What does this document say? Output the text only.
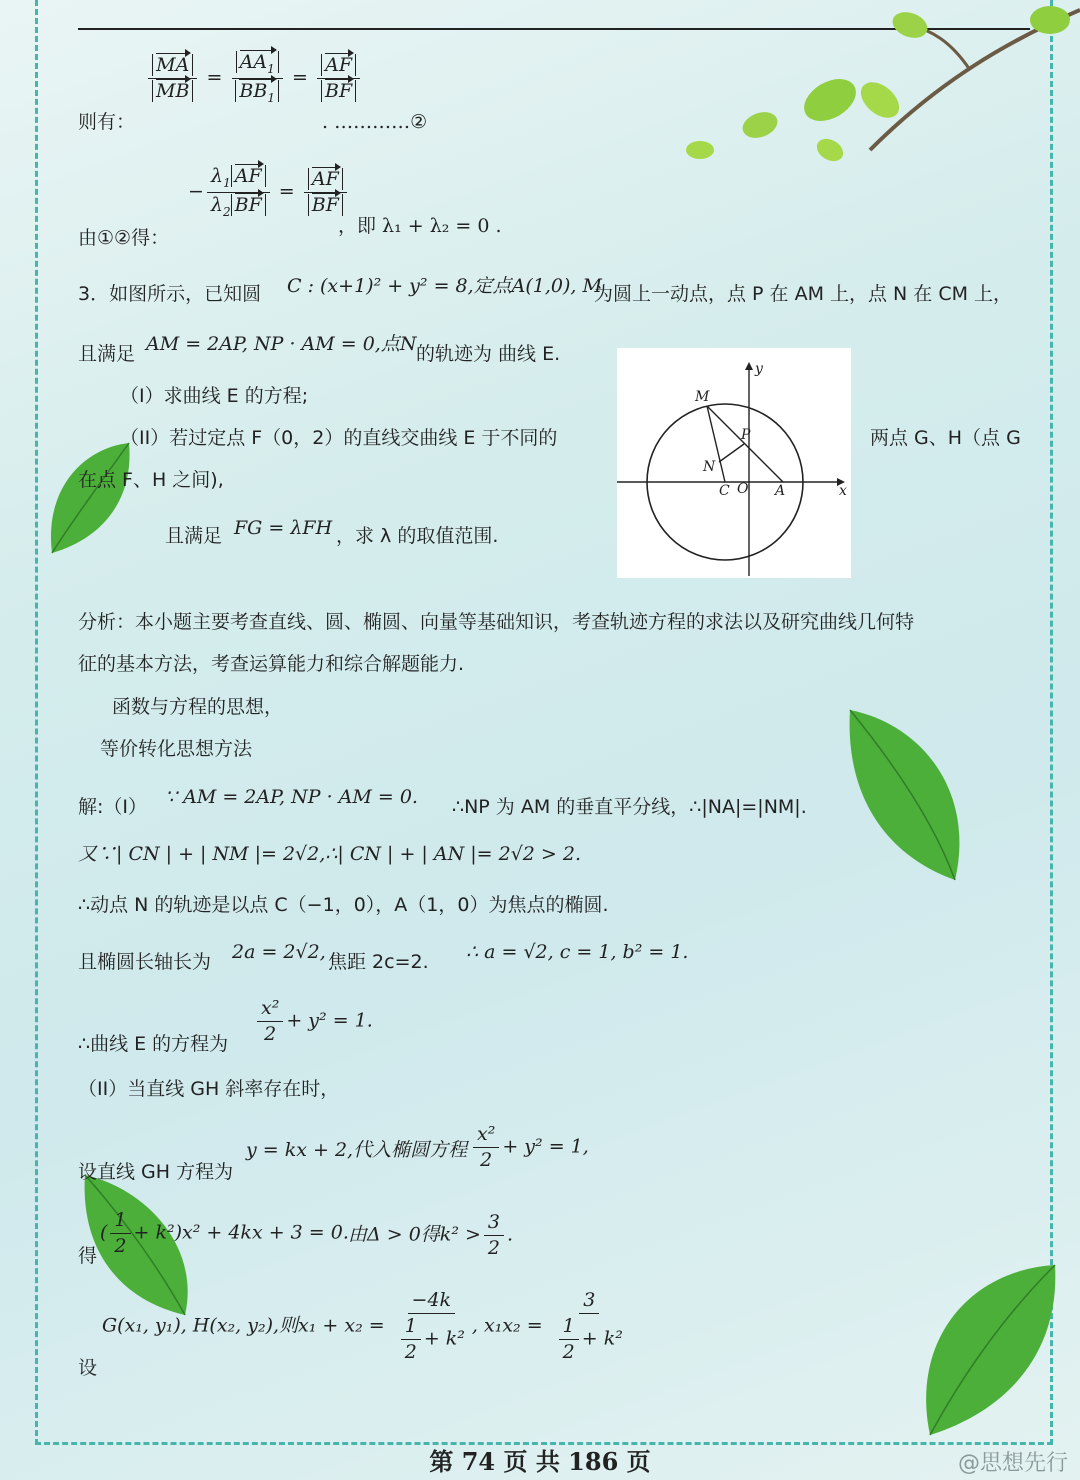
则有：
$\frac{MA}{MB} = \frac{AA_1}{BB_1} = \frac{AF}{BF}$
. …………②
由①②得：
− $\frac{\lambda_1 AF}{\lambda_2 BF} = \frac{AF}{BF}$
，即 λ₁ + λ₂ = 0 .
3．如图所示，已知圆 C : (x+1)² + y² = 8,定点A(1,0), M
为圆上一动点，点 P 在 AM 上，点 N 在 CM 上，
且满足 AM = 2AP, NP · AM = 0,点N 的轨迹为 曲线 E.
（I）求曲线 E 的方程;
（II）若过定点 F（0，2）的直线交曲线 E 于不同的	两点 G、H（点 G
在点 F、H 之间),
且满足 FG = λFH ，求 λ 的取值范围.
y
x
M
P
N
C O A
分析：本小题主要考查直线、圆、椭圆、向量等基础知识，考查轨迹方程的求法以及研究曲线几何特
征的基本方法，考查运算能力和综合解题能力.
函数与方程的思想，
等价转化思想方法
解:（I） ∵ AM = 2AP, NP · AM = 0. ∴NP 为 AM 的垂直平分线，∴|NA|=|NM|.
又∵| CN | + | NM |= 2√2,∴| CN | + | AN |= 2√2 > 2.
∴动点 N 的轨迹是以点 C（−1，0），A（1，0）为焦点的椭圆.
且椭圆长轴长为 2a = 2√2, 焦距 2c=2. ∴ a = √2, c = 1, b² = 1.
∴曲线 E 的方程为 $\frac{\text{x²}}{2} + y^2 = 1$.
（II）当直线 GH 斜率存在时，
设直线 GH 方程为
y = kx + 2,代入椭圆方程 $\frac{\text{x²}}{2} + y^2 = 1$,
得
( $\frac{1}{2} + k^2)x^2 + 4kx + 3 = 0$. 由Δ > 0得$k^2 > \frac{3}{2}$ .
设
G(x₁, y₁), H(x₂, y₂),则$x_1 + x_2 = \frac{-4k}{\frac{1}{2} + k^2}$ , $x_1x_2 = \frac{3}{\frac{1}{2} + k^2}$
第 74 页 共 186 页	@思想先行
